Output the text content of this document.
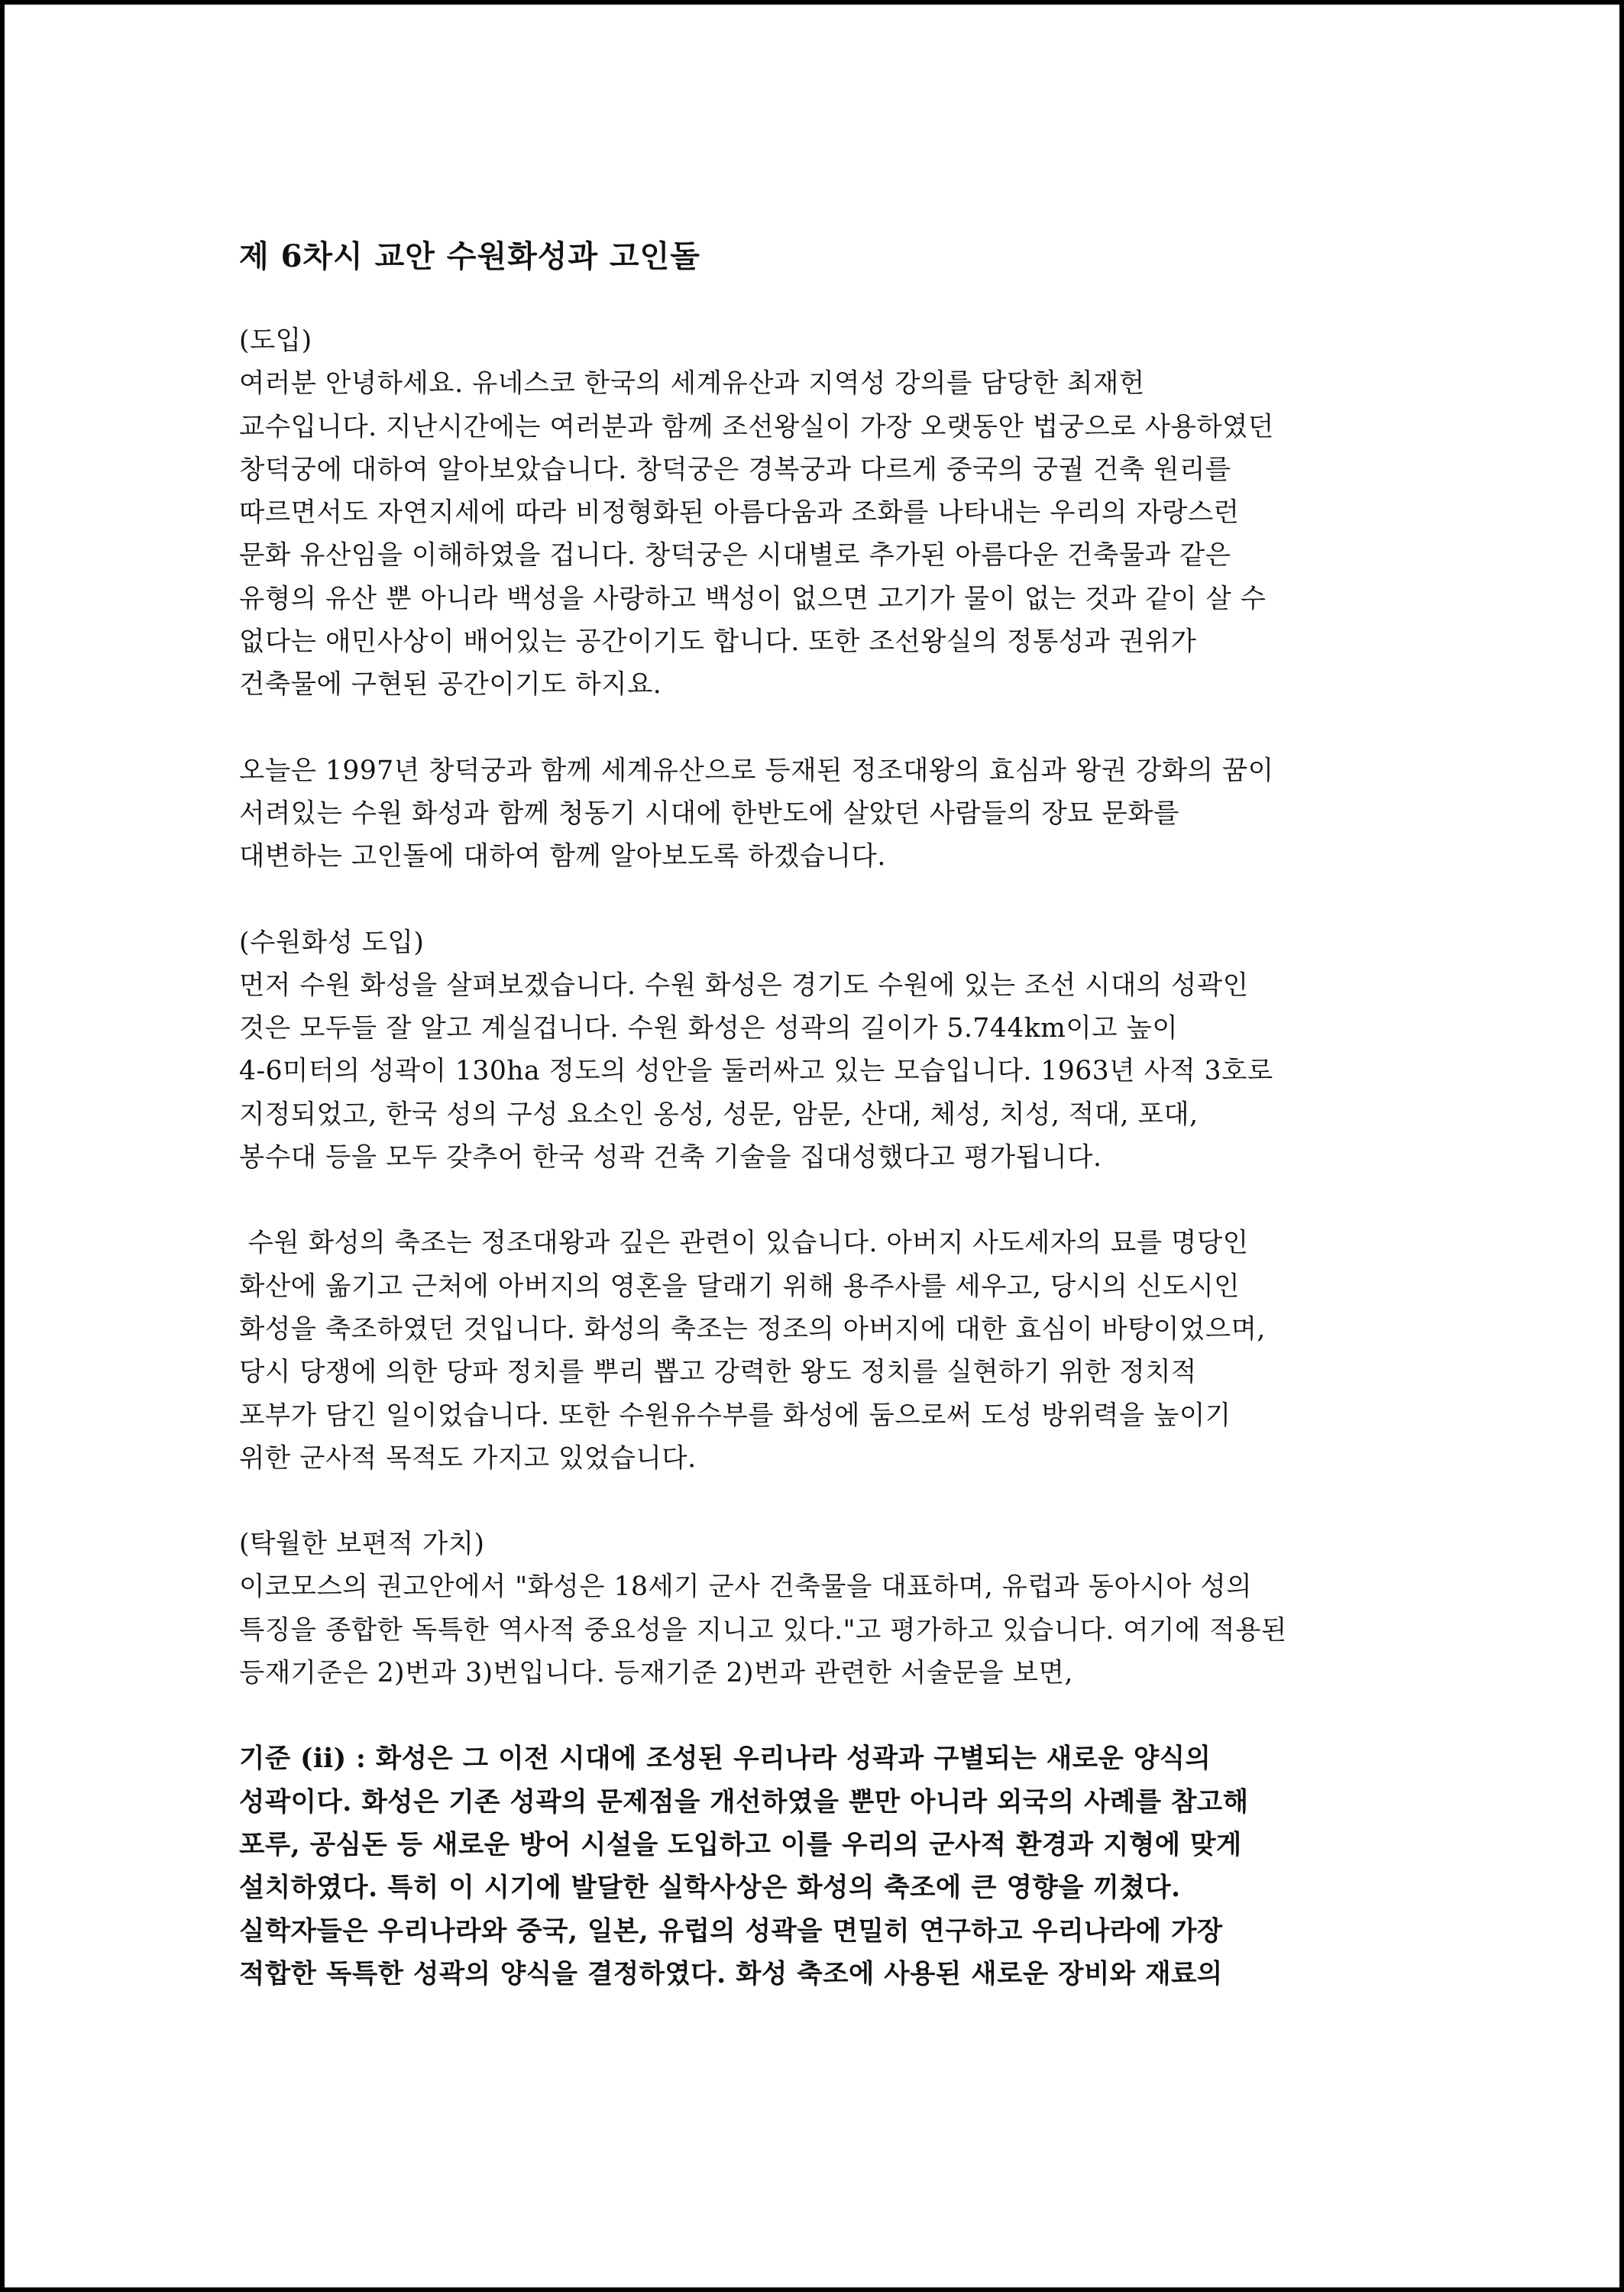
제 6차시 교안 수원화성과 고인돌
(도입)
여러분 안녕하세요. 유네스코 한국의 세계유산과 지역성 강의를 담당한 최재헌
교수입니다. 지난시간에는 여러분과 함께 조선왕실이 가장 오랫동안 법궁으로 사용하였던
창덕궁에 대하여 알아보았습니다. 창덕궁은 경복궁과 다르게 중국의 궁궐 건축 원리를
따르면서도 자연지세에 따라 비정형화된 아름다움과 조화를 나타내는 우리의 자랑스런
문화 유산임을 이해하였을 겁니다. 창덕궁은 시대별로 추가된 아름다운 건축물과 같은
유형의 유산 뿐 아니라 백성을 사랑하고 백성이 없으면 고기가 물이 없는 것과 같이 살 수
없다는 애민사상이 배어있는 공간이기도 합니다. 또한 조선왕실의 정통성과 권위가
건축물에 구현된 공간이기도 하지요.
오늘은 1997년 창덕궁과 함께 세계유산으로 등재된 정조대왕의 효심과 왕권 강화의 꿈이
서려있는 수원 화성과 함께 청동기 시대에 한반도에 살았던 사람들의 장묘 문화를
대변하는 고인돌에 대하여 함께 알아보도록 하겠습니다.
(수원화성 도입)
먼저 수원 화성을 살펴보겠습니다. 수원 화성은 경기도 수원에 있는 조선 시대의 성곽인
것은 모두들 잘 알고 계실겁니다. 수원 화성은 성곽의 길이가 5.744km이고 높이
4-6미터의 성곽이 130ha 정도의 성안을 둘러싸고 있는 모습입니다. 1963년 사적 3호로
지정되었고, 한국 성의 구성 요소인 옹성, 성문, 암문, 산대, 체성, 치성, 적대, 포대,
봉수대 등을 모두 갖추어 한국 성곽 건축 기술을 집대성했다고 평가됩니다.
수원 화성의 축조는 정조대왕과 깊은 관련이 있습니다. 아버지 사도세자의 묘를 명당인
화산에 옮기고 근처에 아버지의 영혼을 달래기 위해 용주사를 세우고, 당시의 신도시인
화성을 축조하였던 것입니다. 화성의 축조는 정조의 아버지에 대한 효심이 바탕이었으며,
당시 당쟁에 의한 당파 정치를 뿌리 뽑고 강력한 왕도 정치를 실현하기 위한 정치적
포부가 담긴 일이었습니다. 또한 수원유수부를 화성에 둠으로써 도성 방위력을 높이기
위한 군사적 목적도 가지고 있었습니다.
(탁월한 보편적 가치)
이코모스의 권고안에서 "화성은 18세기 군사 건축물을 대표하며, 유럽과 동아시아 성의
특징을 종합한 독특한 역사적 중요성을 지니고 있다."고 평가하고 있습니다. 여기에 적용된
등재기준은 2)번과 3)번입니다. 등재기준 2)번과 관련한 서술문을 보면,
기준 (ⅱ) : 화성은 그 이전 시대에 조성된 우리나라 성곽과 구별되는 새로운 양식의
성곽이다. 화성은 기존 성곽의 문제점을 개선하였을 뿐만 아니라 외국의 사례를 참고해
포루, 공심돈 등 새로운 방어 시설을 도입하고 이를 우리의 군사적 환경과 지형에 맞게
설치하였다. 특히 이 시기에 발달한 실학사상은 화성의 축조에 큰 영향을 끼쳤다.
실학자들은 우리나라와 중국, 일본, 유럽의 성곽을 면밀히 연구하고 우리나라에 가장
적합한 독특한 성곽의 양식을 결정하였다. 화성 축조에 사용된 새로운 장비와 재료의
